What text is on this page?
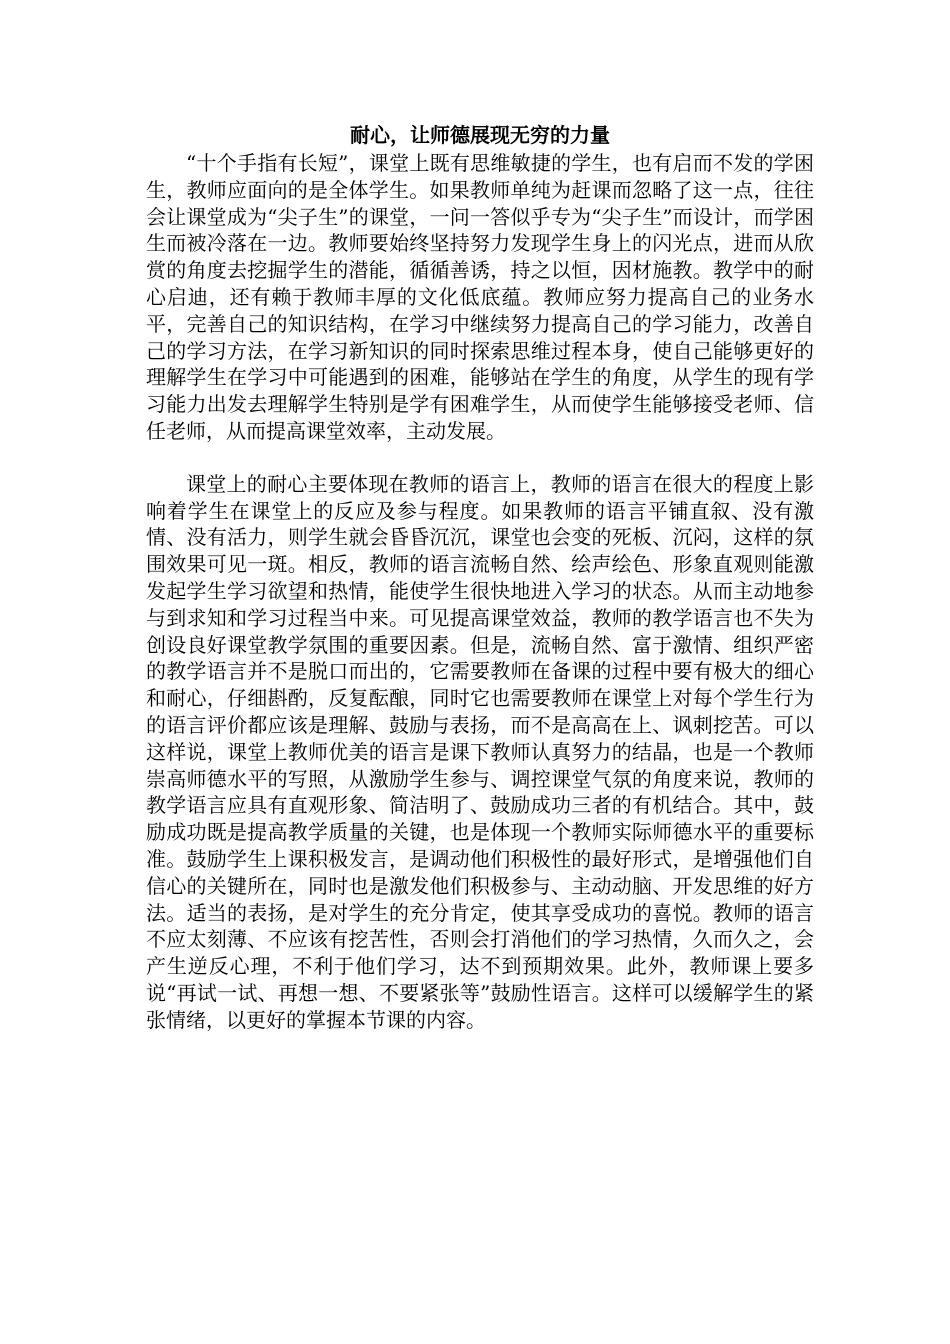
耐心，让师德展现无穷的力量

“十个手指有长短”，课堂上既有思维敏捷的学生，也有启而不发的学困生，教师应面向的是全体学生。如果教师单纯为赶课而忽略了这一点，往往会让课堂成为“尖子生”的课堂，一问一答似乎专为“尖子生”而设计，而学困生而被冷落在一边。教师要始终坚持努力发现学生身上的闪光点，进而从欣赏的角度去挖掘学生的潜能，循循善诱，持之以恒，因材施教。教学中的耐心启迪，还有赖于教师丰厚的文化低底蕴。教师应努力提高自己的业务水平，完善自己的知识结构，在学习中继续努力提高自己的学习能力，改善自己的学习方法，在学习新知识的同时探索思维过程本身，使自己能够更好的理解学生在学习中可能遇到的困难，能够站在学生的角度，从学生的现有学习能力出发去理解学生特别是学有困难学生，从而使学生能够接受老师、信任老师，从而提高课堂效率，主动发展。

课堂上的耐心主要体现在教师的语言上，教师的语言在很大的程度上影响着学生在课堂上的反应及参与程度。如果教师的语言平铺直叙、没有激情、没有活力，则学生就会昏昏沉沉，课堂也会变的死板、沉闷，这样的氛围效果可见一斑。相反，教师的语言流畅自然、绘声绘色、形象直观则能激发起学生学习欲望和热情，能使学生很快地进入学习的状态。从而主动地参与到求知和学习过程当中来。可见提高课堂效益，教师的教学语言也不失为创设良好课堂教学氛围的重要因素。但是，流畅自然、富于激情、组织严密的教学语言并不是脱口而出的，它需要教师在备课的过程中要有极大的细心和耐心，仔细斟酌，反复酝酿，同时它也需要教师在课堂上对每个学生行为的语言评价都应该是理解、鼓励与表扬，而不是高高在上、讽刺挖苦。可以这样说，课堂上教师优美的语言是课下教师认真努力的结晶，也是一个教师崇高师德水平的写照，从激励学生参与、调控课堂气氛的角度来说，教师的教学语言应具有直观形象、简洁明了、鼓励成功三者的有机结合。其中，鼓励成功既是提高教学质量的关键，也是体现一个教师实际师德水平的重要标准。鼓励学生上课积极发言，是调动他们积极性的最好形式，是增强他们自信心的关键所在，同时也是激发他们积极参与、主动动脑、开发思维的好方法。适当的表扬，是对学生的充分肯定，使其享受成功的喜悦。教师的语言不应太刻薄、不应该有挖苦性，否则会打消他们的学习热情，久而久之，会产生逆反心理，不利于他们学习，达不到预期效果。此外，教师课上要多说“再试一试、再想一想、不要紧张等”鼓励性语言。这样可以缓解学生的紧张情绪，以更好的掌握本节课的内容。
